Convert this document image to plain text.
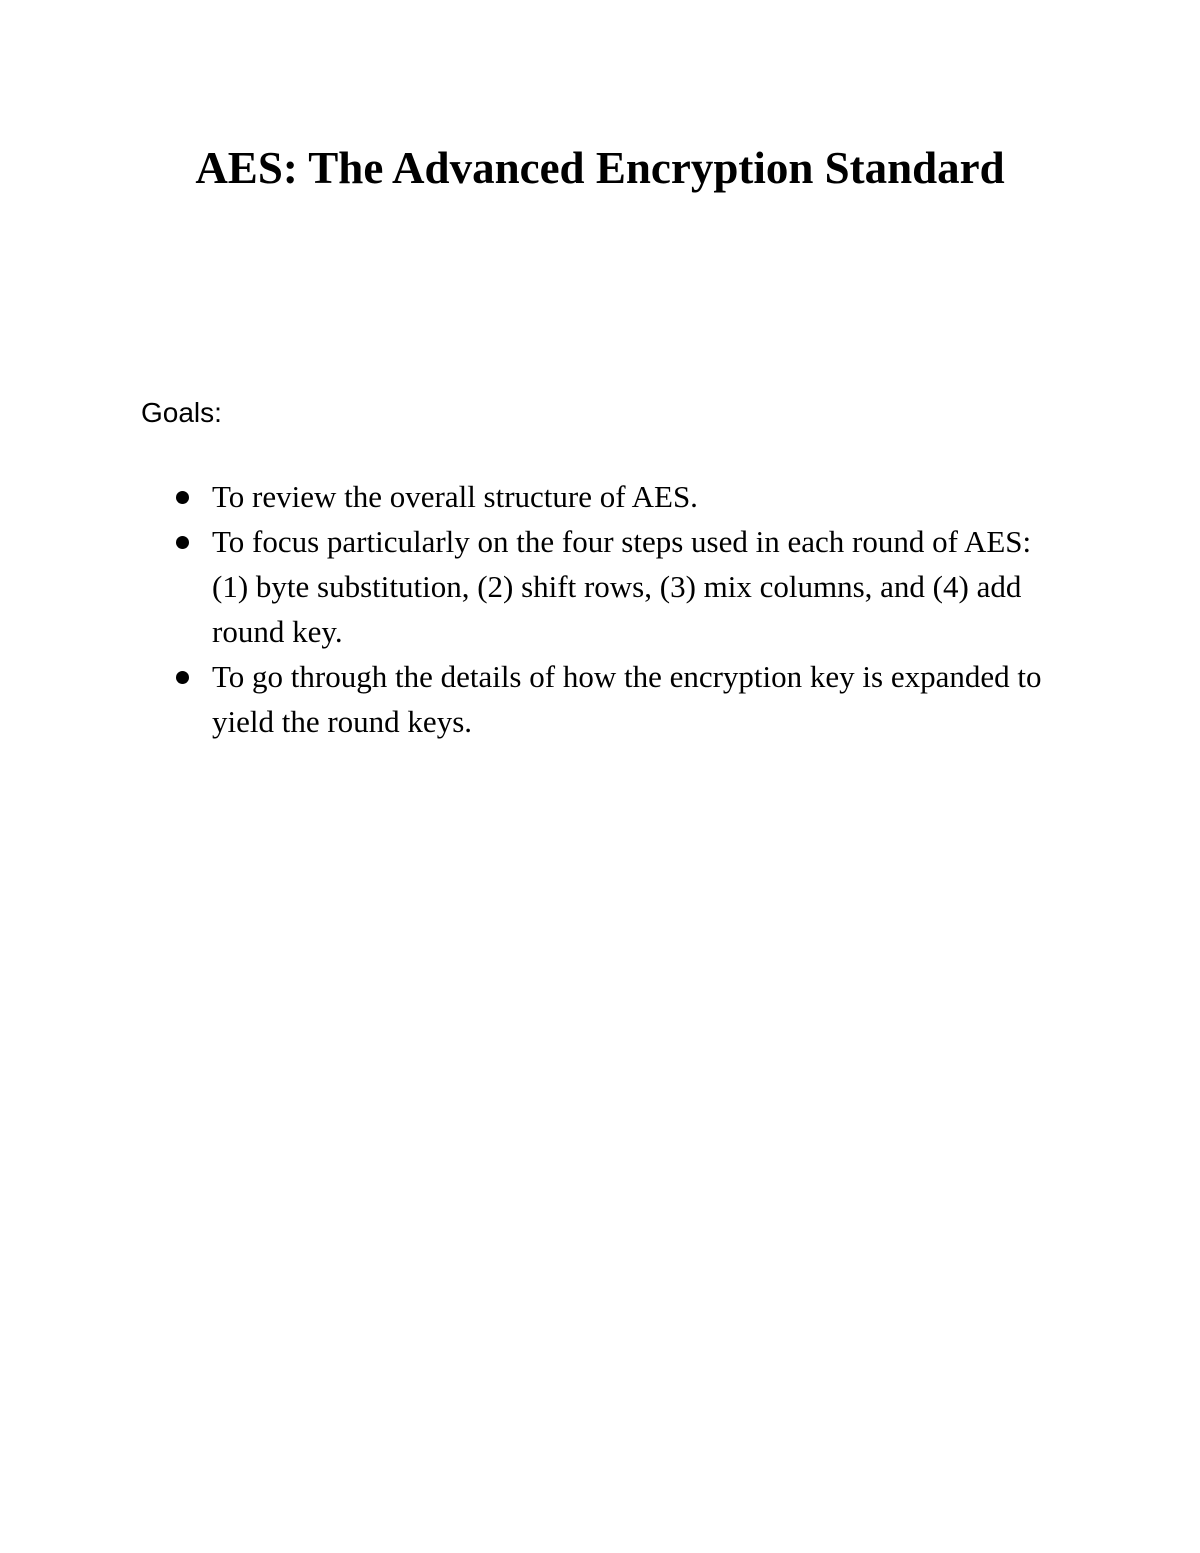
AES: The Advanced Encryption Standard

Goals:

To review the overall structure of AES.
To focus particularly on the four steps used in each round of AES: (1) byte substitution, (2) shift rows, (3) mix columns, and (4) add round key.
To go through the details of how the encryption key is expanded to yield the round keys.
